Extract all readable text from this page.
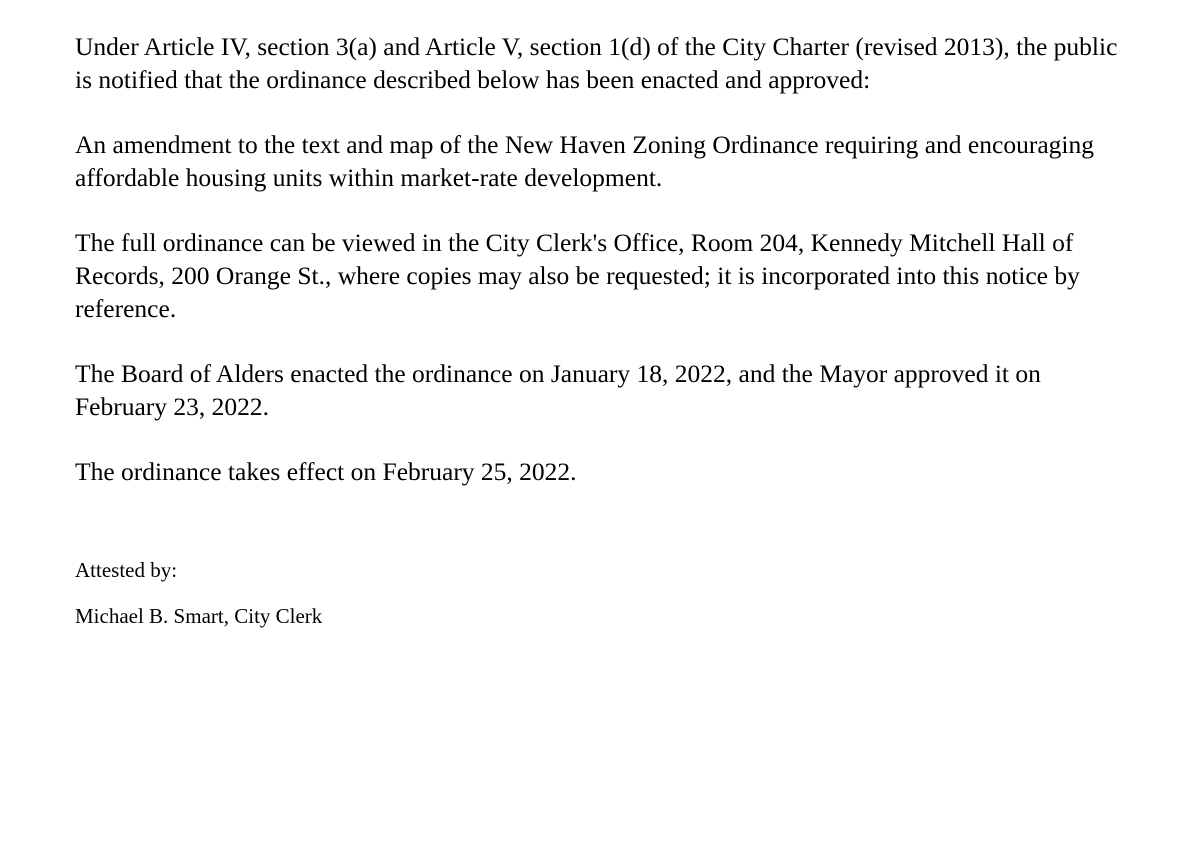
Under Article IV, section 3(a) and Article V, section 1(d) of the City Charter (revised 2013), the public is notified that the ordinance described below has been enacted and approved:

An amendment to the text and map of the New Haven Zoning Ordinance requiring and encouraging affordable housing units within market-rate development.

The full ordinance can be viewed in the City Clerk's Office, Room 204, Kennedy Mitchell Hall of Records, 200 Orange St., where copies may also be requested; it is incorporated into this notice by reference.

The Board of Alders enacted the ordinance on January 18, 2022, and the Mayor approved it on February 23, 2022.

The ordinance takes effect on February 25, 2022.

Attested by:

Michael B. Smart, City Clerk
